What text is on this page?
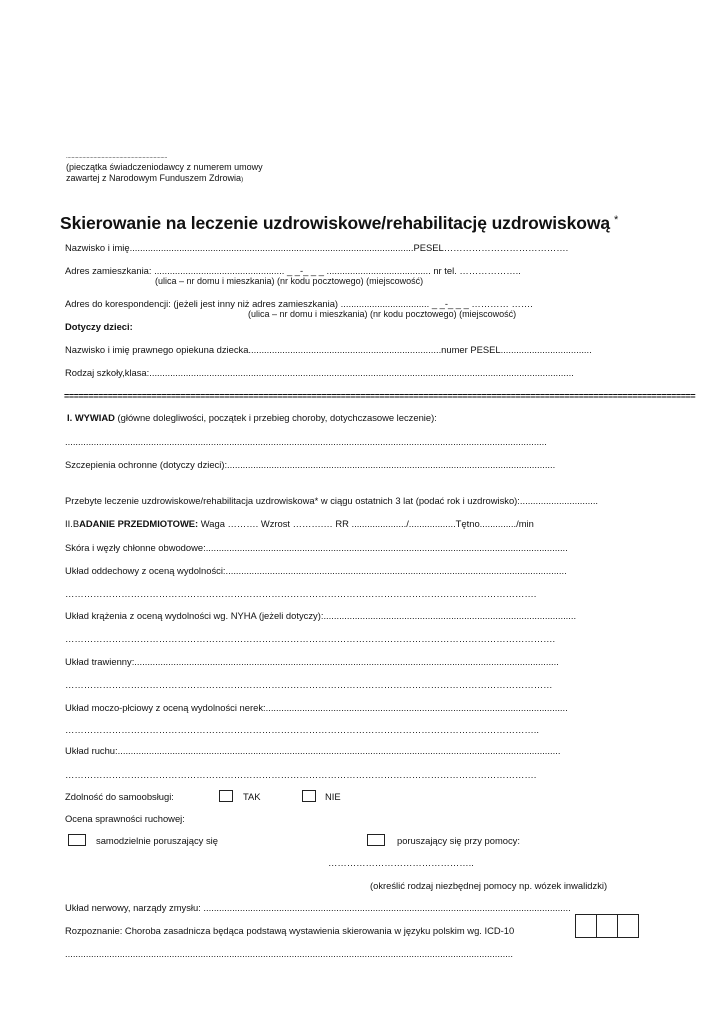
..........................................................................
(pieczątka świadczeniodawcy z numerem umowy
zawartej z Narodowym Funduszem Zdrowia)
Skierowanie na leczenie uzdrowiskowe/rehabilitację uzdrowiskową *
Nazwisko i imię.............................................................................................................PESEL………………………………….
Adres zamieszkania: .................................................. _ _-_ _ _ ........................................ nr tel. ………………..
(ulica – nr domu i mieszkania) (nr kodu pocztowego) (miejscowość)
Adres do korespondencji: (jeżeli jest inny niż adres zamieszkania) .................................. _ _-_ _ _ ………… …….
(ulica – nr domu i mieszkania) (nr kodu pocztowego) (miejscowość)
Dotyczy dzieci:
Nazwisko i imię prawnego opiekuna dziecka..........................................................................numer PESEL...................................
Rodzaj szkoły,klasa:...................................................................................................................................................................
==================================================================================================================================
I. WYWIAD (główne dolegliwości, początek i przebieg choroby, dotychczasowe leczenie):
.........................................................................................................................................................................................
Szczepienia ochronne (dotyczy dzieci):..............................................................................................................................
Przebyte leczenie uzdrowiskowe/rehabilitacja uzdrowiskowa* w ciągu ostatnich 3 lat (podać rok i uzdrowisko):..............................
II.BADANIE PRZEDMIOTOWE: Waga ………. Wzrost ……….… RR ...................../..................Tętno............../min
Skóra i węzły chłonne obwodowe:...........................................................................................................................................
Układ oddechowy z oceną wydolności:...................................................................................................................................
…………………………………………………………………………………………………………………………………….
Układ krążenia z oceną wydolności wg. NYHA (jeżeli dotyczy):.................................................................................................
………………………………………………………………………………………………………………………………………….
Układ trawienny:...................................................................................................................................................................
…………………………………………………………………………………………………………………………………………
Układ moczo-płciowy z oceną wydolności nerek:....................................................................................................................
……………………………………………………………………………………………………………………………………..
Układ ruchu:..........................................................................................................................................................................
…………………………………………………………………………………………………………………………………….
Zdolność do samoobsługi:	TAK	NIE
Ocena sprawności ruchowej:
samodzielnie poruszający się	poruszający się przy pomocy:
………………………………………..
(określić rodzaj niezbędnej pomocy np. wózek inwalidzki)
Układ nerwowy, narządy zmysłu: .............................................................................................................................................
Rozpoznanie: Choroba zasadnicza będąca podstawą wystawienia skierowania w języku polskim wg. ICD-10
............................................................................................................................................................................
